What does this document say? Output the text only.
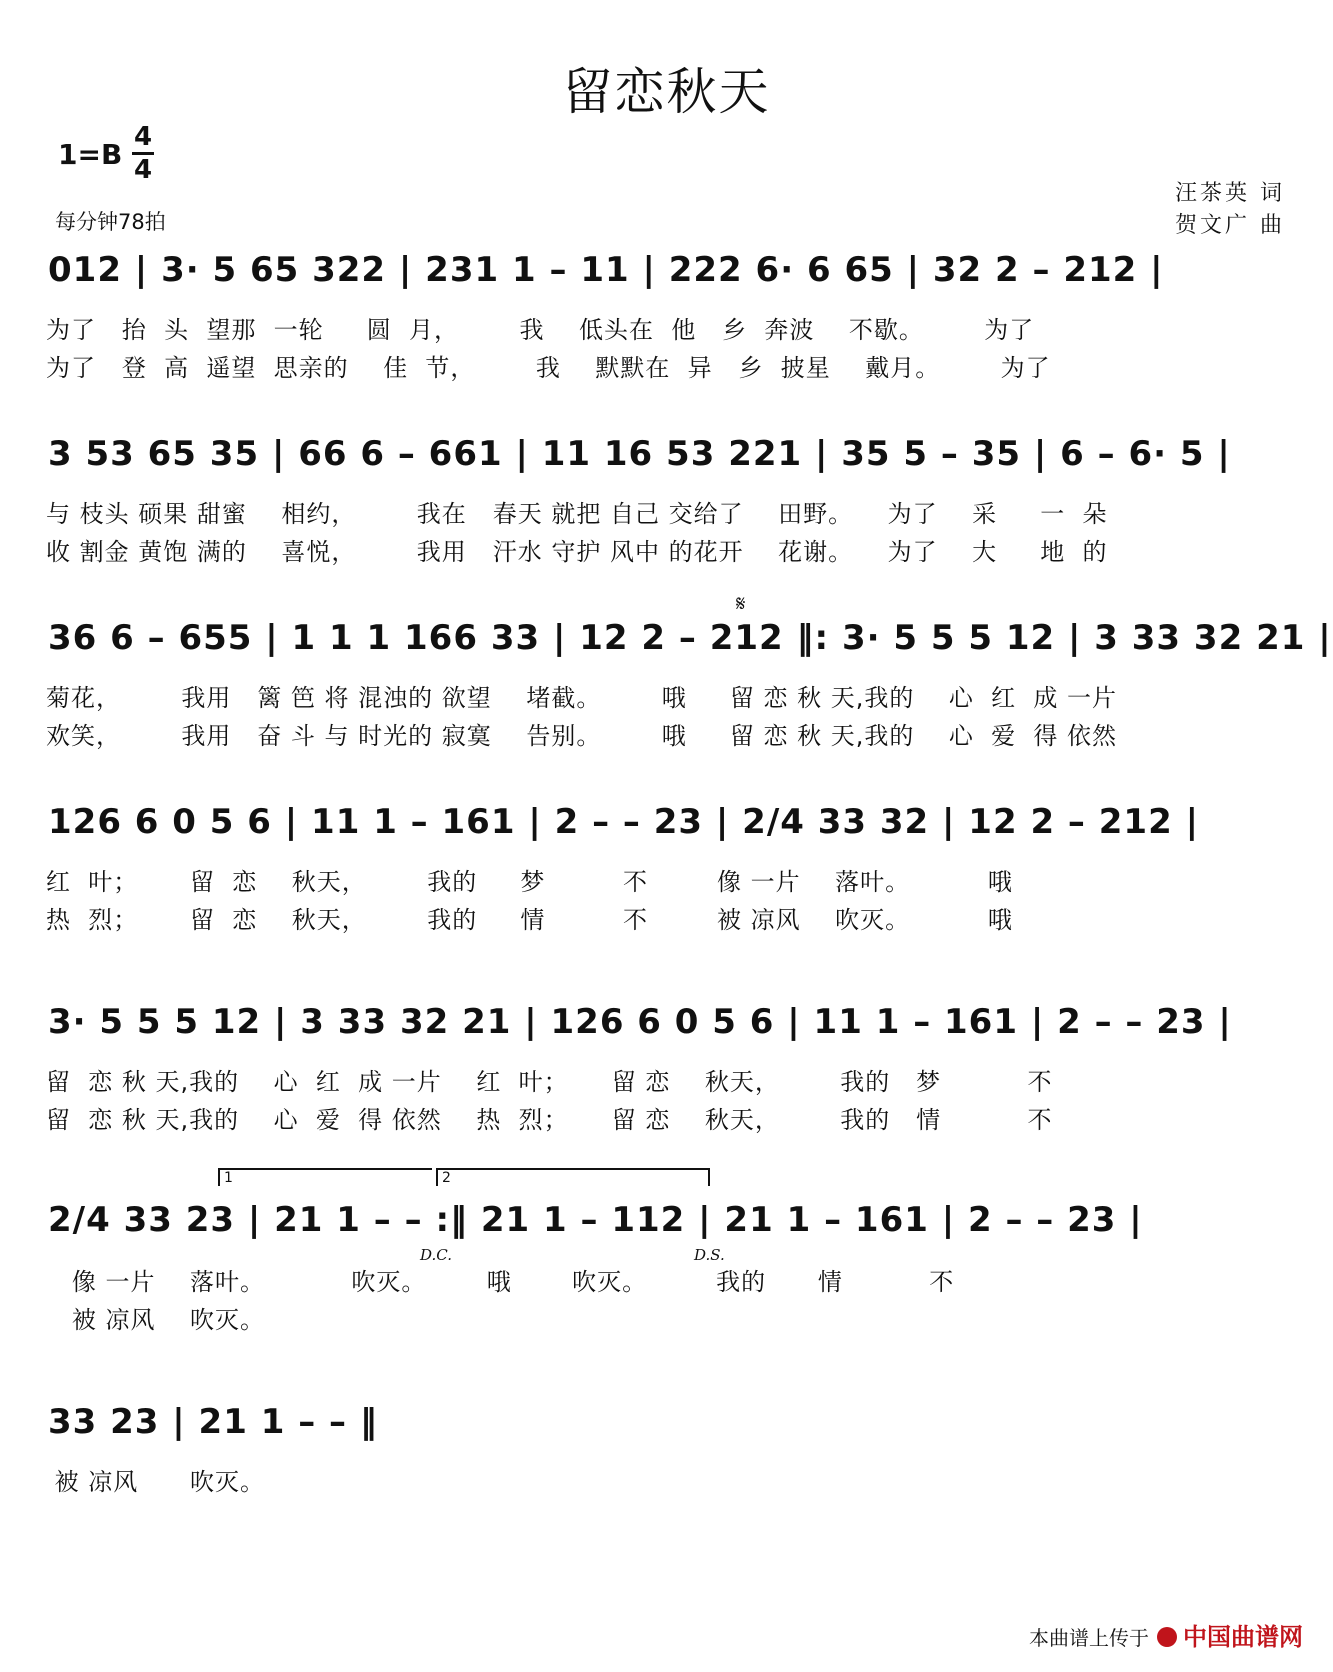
留恋秋天
1=B
4
4
每分钟78拍
汪茶英 词
贺文广 曲
012 | 3· 5 65 322 | 231 1 – 11 | 222 6· 6 65 | 32 2 – 212 |
为了   抬  头  望那  一轮     圆  月，       我    低头在  他   乡  奔波    不歇。       为了
为了   登  高  遥望  思亲的    佳  节，       我    默默在  异   乡  披星    戴月。       为了
3 53 65 35 | 66 6 – 661 | 11 16 53 221 | 35 5 – 35 | 6 – 6· 5 |
与 枝头 硕果 甜蜜    相约，       我在   春天 就把 自己 交给了    田野。    为了    采     一  朵
收 割金 黄饱 满的    喜悦，       我用   汗水 守护 风中 的花开    花谢。    为了    大     地  的
𝄋
36 6 – 655 | 1 1 1 166 33 | 12 2 – 212 ‖: 3· 5 5 5 12 | 3 33 32 21 |
菊花，       我用   篱 笆 将 混浊的 欲望    堵截。       哦     留 恋 秋 天,我的    心  红  成 一片
欢笑，       我用   奋 斗 与 时光的 寂寞    告别。       哦     留 恋 秋 天,我的    心  爱  得 依然
126 6 0 5 6 | 11 1 – 161 | 2 – – 23 | 2/4 33 32 | 12 2 – 212 |
红  叶；      留  恋    秋天，       我的     梦         不        像 一片    落叶。         哦
热  烈；      留  恋    秋天，       我的     情         不        被 凉风    吹灭。         哦
3· 5 5 5 12 | 3 33 32 21 | 126 6 0 5 6 | 11 1 – 161 | 2 – – 23 |
留  恋 秋 天,我的    心  红  成 一片    红  叶；     留 恋    秋天，       我的   梦          不
留  恋 秋 天,我的    心  爱  得 依然    热  烈；     留 恋    秋天，       我的   情          不
1	2
2/4 33 23 | 21 1 – – :‖ 21 1 – 112 | 21 1 – 161 | 2 – – 23 |
D.C.	D.S.
像 一片    落叶。          吹灭。       哦       吹灭。        我的      情          不
被 凉风    吹灭。
33 23 | 21 1 – – ‖
被 凉风      吹灭。
本曲谱上传于 中国曲谱网
